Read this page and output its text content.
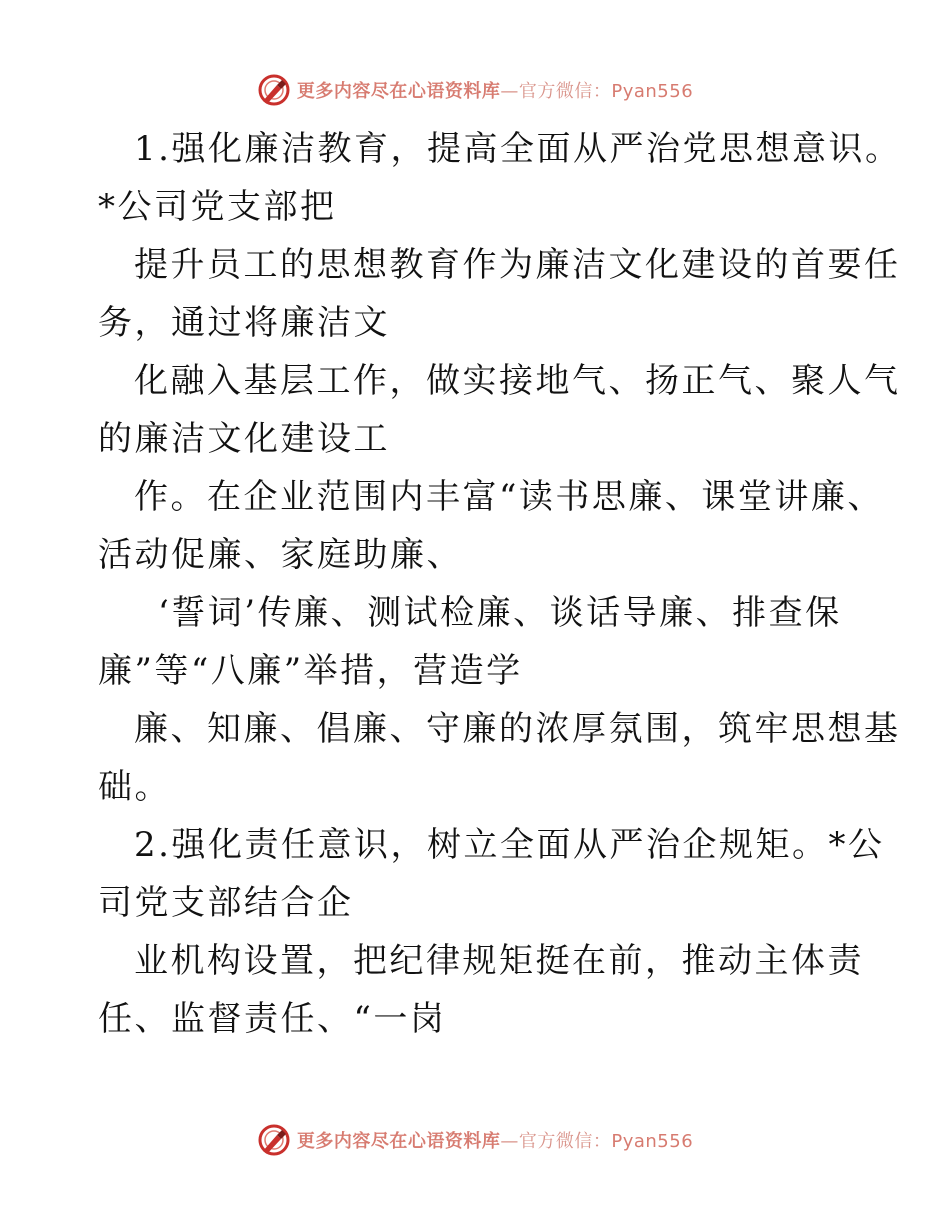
更多内容尽在心语资料库—官方微信：Pyan556
1.强化廉洁教育，提高全面从严治党思想意识。
*公司党支部把
提升员工的思想教育作为廉洁文化建设的首要任
务，通过将廉洁文
化融入基层工作，做实接地气、扬正气、聚人气
的廉洁文化建设工
作。在企业范围内丰富“读书思廉、课堂讲廉、
活动促廉、家庭助廉、
‘誓词’传廉、测试检廉、谈话导廉、排查保
廉”等“八廉”举措，营造学
廉、知廉、倡廉、守廉的浓厚氛围，筑牢思想基
础。
2.强化责任意识，树立全面从严治企规矩。*公
司党支部结合企
业机构设置，把纪律规矩挺在前，推动主体责
任、监督责任、“一岗
更多内容尽在心语资料库—官方微信：Pyan556
